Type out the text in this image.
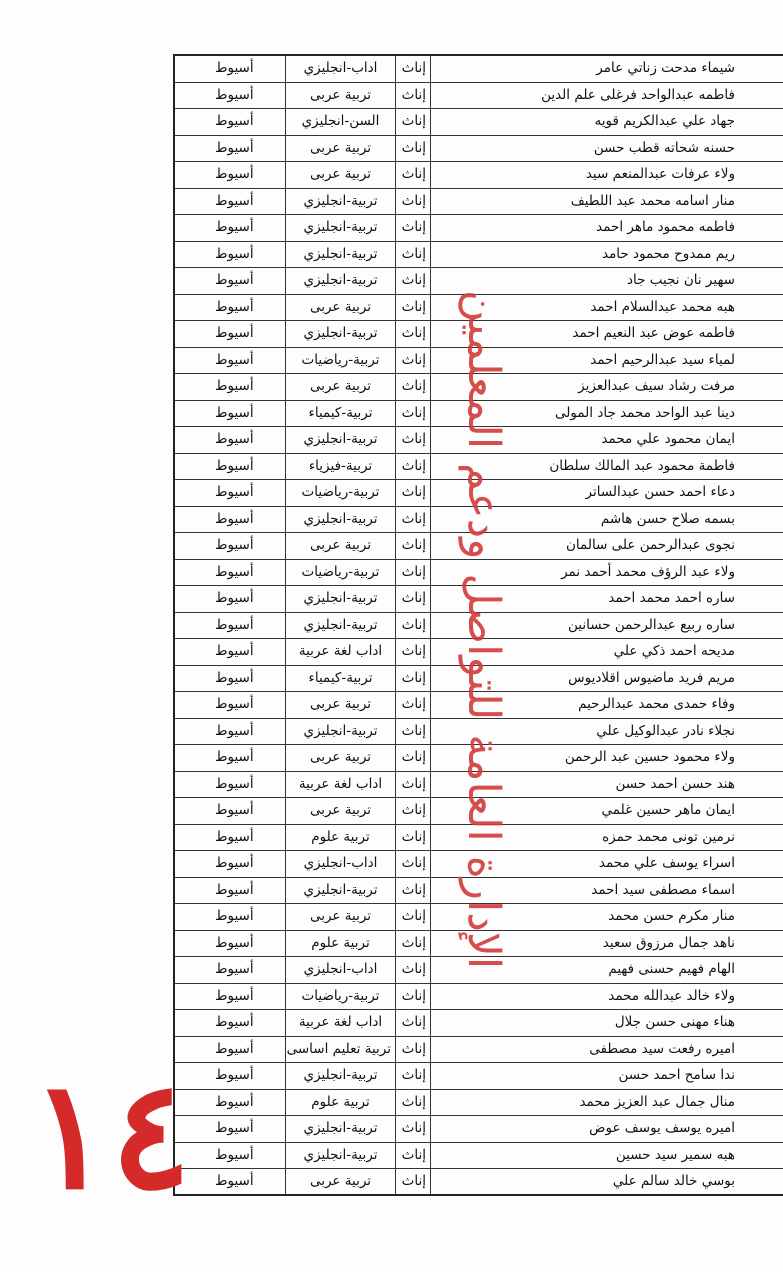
شيماء مدحت زناتي عامر
إناث
اداب-انجليزي
أسيوط
فاطمه عبدالواحد فرغلى علم الدين
إناث
تربية عربى
أسيوط
جهاد علي عبدالكريم قويه
إناث
السن-انجليزي
أسيوط
حسنه شحاته قطب حسن
إناث
تربية عربى
أسيوط
ولاء عرفات عبدالمنعم سيد
إناث
تربية عربى
أسيوط
منار اسامه محمد عبد اللطيف
إناث
تربية-انجليزي
أسيوط
فاطمه محمود ماهر احمد
إناث
تربية-انجليزي
أسيوط
ريم ممدوح محمود حامد
إناث
تربية-انجليزي
أسيوط
سهير نان نجيب جاد
إناث
تربية-انجليزي
أسيوط
هبه محمد عبدالسلام احمد
إناث
تربية عربى
أسيوط
فاطمه عوض عبد النعيم احمد
إناث
تربية-انجليزي
أسيوط
لمياء سيد عبدالرحيم احمد
إناث
تربية-رياضيات
أسيوط
مرفت رشاد سيف عبدالعزيز
إناث
تربية عربى
أسيوط
دينا عبد الواحد محمد جاد المولى
إناث
تربية-كيمياء
أسيوط
ايمان محمود علي محمد
إناث
تربية-انجليزي
أسيوط
فاطمة محمود عبد المالك سلطان
إناث
تربية-فيزياء
أسيوط
دعاء احمد حسن عبدالساتر
إناث
تربية-رياضيات
أسيوط
بسمه صلاح حسن هاشم
إناث
تربية-انجليزي
أسيوط
نجوى عبدالرحمن على سالمان
إناث
تربية عربى
أسيوط
ولاء عبد الرؤف محمد أحمد نمر
إناث
تربية-رياضيات
أسيوط
ساره احمد محمد احمد
إناث
تربية-انجليزي
أسيوط
ساره ربيع عبدالرحمن حسانين
إناث
تربية-انجليزي
أسيوط
مديحه احمد ذكي علي
إناث
اداب لغة عربية
أسيوط
مريم فريد ماضيوس اقلاديوس
إناث
تربية-كيمياء
أسيوط
وفاء حمدى محمد عبدالرحيم
إناث
تربية عربى
أسيوط
نجلاء نادر عبدالوكيل علي
إناث
تربية-انجليزي
أسيوط
ولاء محمود حسين عبد الرحمن
إناث
تربية عربى
أسيوط
هند حسن احمد حسن
إناث
اداب لغة عربية
أسيوط
ايمان ماهر حسين غلمي
إناث
تربية عربى
أسيوط
نرمين تونى محمد حمزه
إناث
تربية علوم
أسيوط
اسراء يوسف علي محمد
إناث
اداب-انجليزي
أسيوط
اسماء مصطفى سيد احمد
إناث
تربية-انجليزي
أسيوط
منار مكرم حسن محمد
إناث
تربية عربى
أسيوط
ناهد جمال مرزوق سعيد
إناث
تربية علوم
أسيوط
الهام فهيم حسنى فهيم
إناث
اداب-انجليزي
أسيوط
ولاء خالد عبدالله محمد
إناث
تربية-رياضيات
أسيوط
هناء مهنى حسن جلال
إناث
اداب لغة عربية
أسيوط
اميره رفعت سيد مصطفى
إناث
تربية تعليم اساسى
أسيوط
ندا سامح احمد حسن
إناث
تربية-انجليزي
أسيوط
منال جمال عبد العزيز محمد
إناث
تربية علوم
أسيوط
اميره يوسف يوسف عوض
إناث
تربية-انجليزي
أسيوط
هبه سمير سيد حسين
إناث
تربية-انجليزي
أسيوط
بوسي خالد سالم علي
إناث
تربية عربى
أسيوط
الإدارة العامة للتواصل ودعم المعلمين
١٤
